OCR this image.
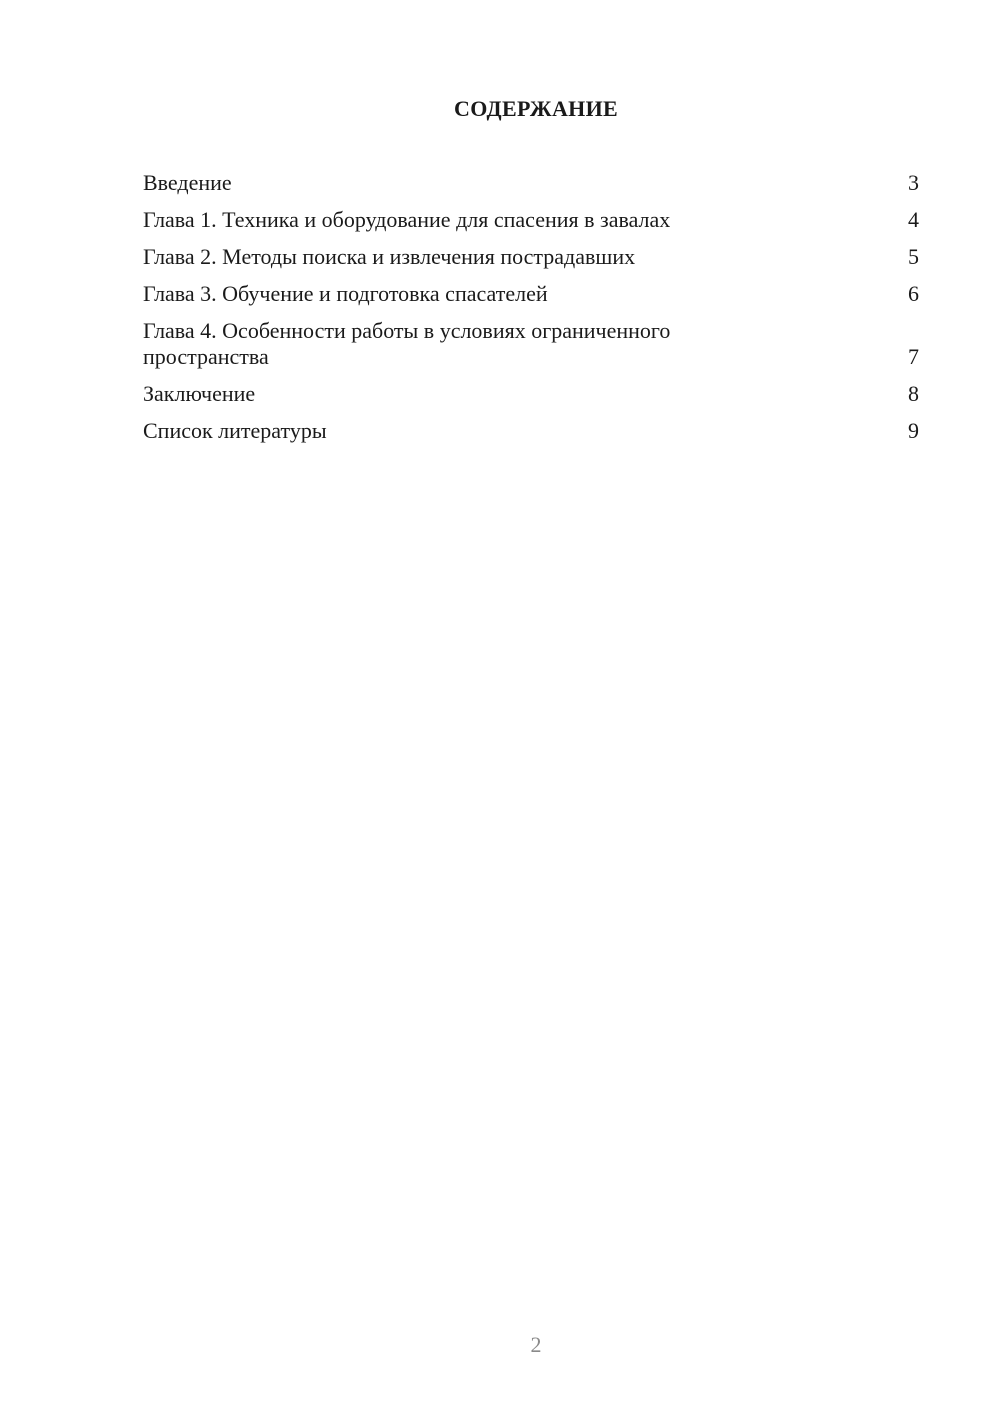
СОДЕРЖАНИЕ
Введение	3
Глава 1. Техника и оборудование для спасения в завалах	4
Глава 2. Методы поиска и извлечения пострадавших	5
Глава 3. Обучение и подготовка спасателей	6
Глава 4. Особенности работы в условиях ограниченного пространства	7
Заключение	8
Список литературы	9
2
